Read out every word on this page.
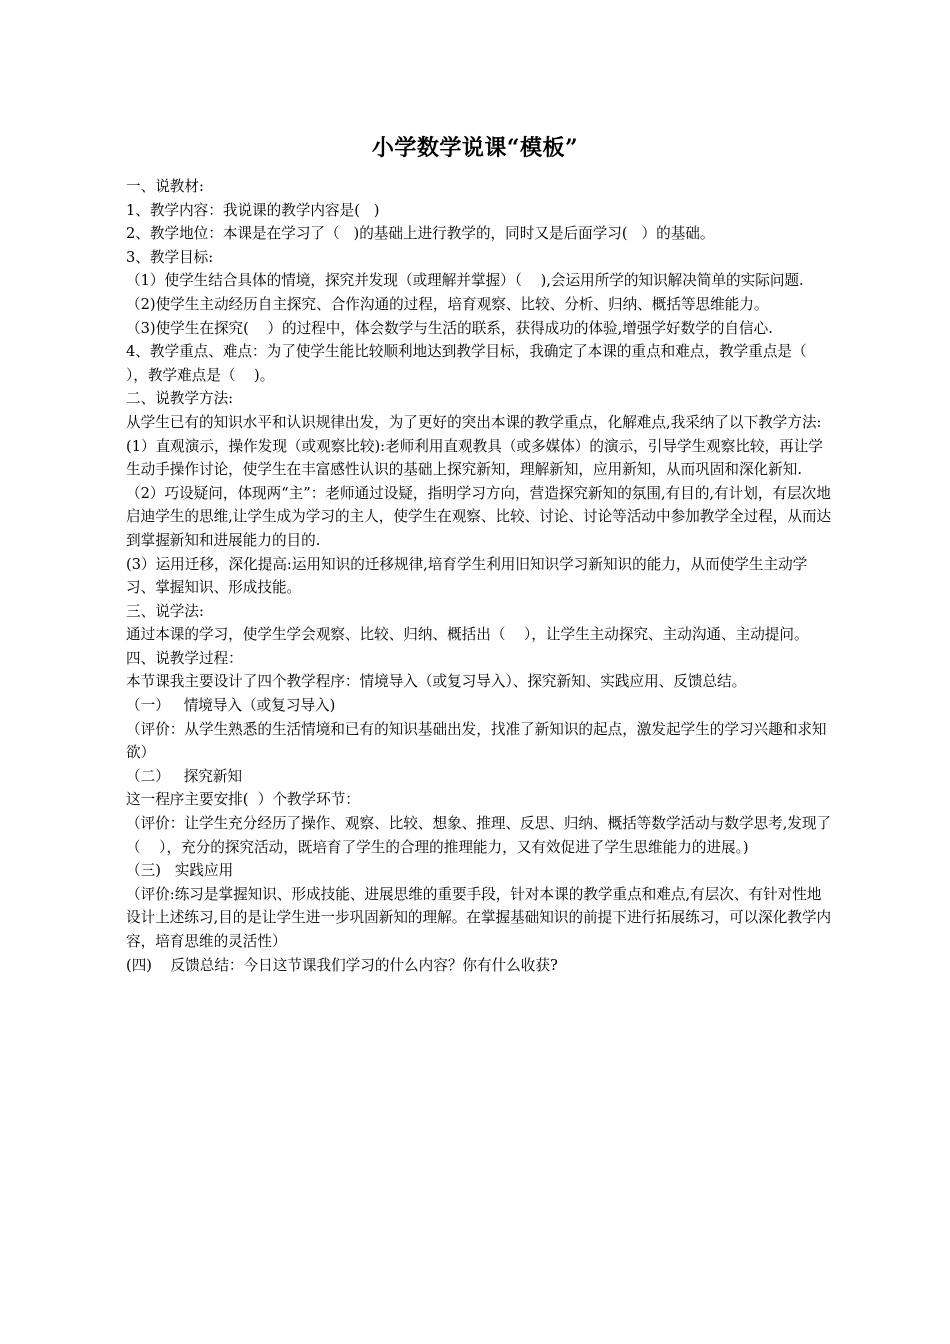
小学数学说课“模板”

一、说教材:

1、教学内容：我说课的教学内容是(   )

2、教学地位：本课是在学习了（   )的基础上进行教学的，同时又是后面学习(   ）的基础。

3、教学目标:

（1）使学生结合具体的情境，探究并发现（或理解并掌握）（    ),会运用所学的知识解决简单的实际问题.

（2)使学生主动经历自主探究、合作沟通的过程，培育观察、比较、分析、归纳、概括等思维能力。

（3)使学生在探究(    ）的过程中，体会数学与生活的联系，获得成功的体验,增强学好数学的自信心.

4、教学重点、难点：为了使学生能比较顺利地达到教学目标，我确定了本课的重点和难点，教学重点是（    ），教学难点是（    )。

二、说教学方法:

从学生已有的知识水平和认识规律出发，为了更好的突出本课的教学重点，化解难点,我采纳了以下教学方法:

(1）直观演示，操作发现（或观察比较):老师利用直观教具（或多媒体）的演示，引导学生观察比较，再让学生动手操作讨论，使学生在丰富感性认识的基础上探究新知，理解新知，应用新知，从而巩固和深化新知.

（2）巧设疑问，体现两“主”：老师通过设疑，指明学习方向，营造探究新知的氛围,有目的,有计划，有层次地启迪学生的思维,让学生成为学习的主人，使学生在观察、比较、讨论、讨论等活动中参加教学全过程，从而达到掌握新知和进展能力的目的.

(3）运用迁移，深化提高:运用知识的迁移规律,培育学生利用旧知识学习新知识的能力，从而使学生主动学习、掌握知识、形成技能。

三、说学法:

通过本课的学习，使学生学会观察、比较、归纳、概括出（    ），让学生主动探究、主动沟通、主动提问。

四、说教学过程：

本节课我主要设计了四个教学程序：情境导入（或复习导入）、探究新知、实践应用、反馈总结。

（一）   情境导入（或复习导入)

（评价：从学生熟悉的生活情境和已有的知识基础出发，找准了新知识的起点，激发起学生的学习兴趣和求知欲）

（二）   探究新知

这一程序主要安排(  ）个教学环节：

（评价：让学生充分经历了操作、观察、比较、想象、推理、反思、归纳、概括等数学活动与数学思考,发现了（    ），充分的探究活动，既培育了学生的合理的推理能力，又有效促进了学生思维能力的进展。)

（三)   实践应用

（评价:练习是掌握知识、形成技能、进展思维的重要手段，针对本课的教学重点和难点,有层次、有针对性地设计上述练习,目的是让学生进一步巩固新知的理解。在掌握基础知识的前提下进行拓展练习，可以深化教学内容，培育思维的灵活性）

(四)    反馈总结：今日这节课我们学习的什么内容？你有什么收获?
